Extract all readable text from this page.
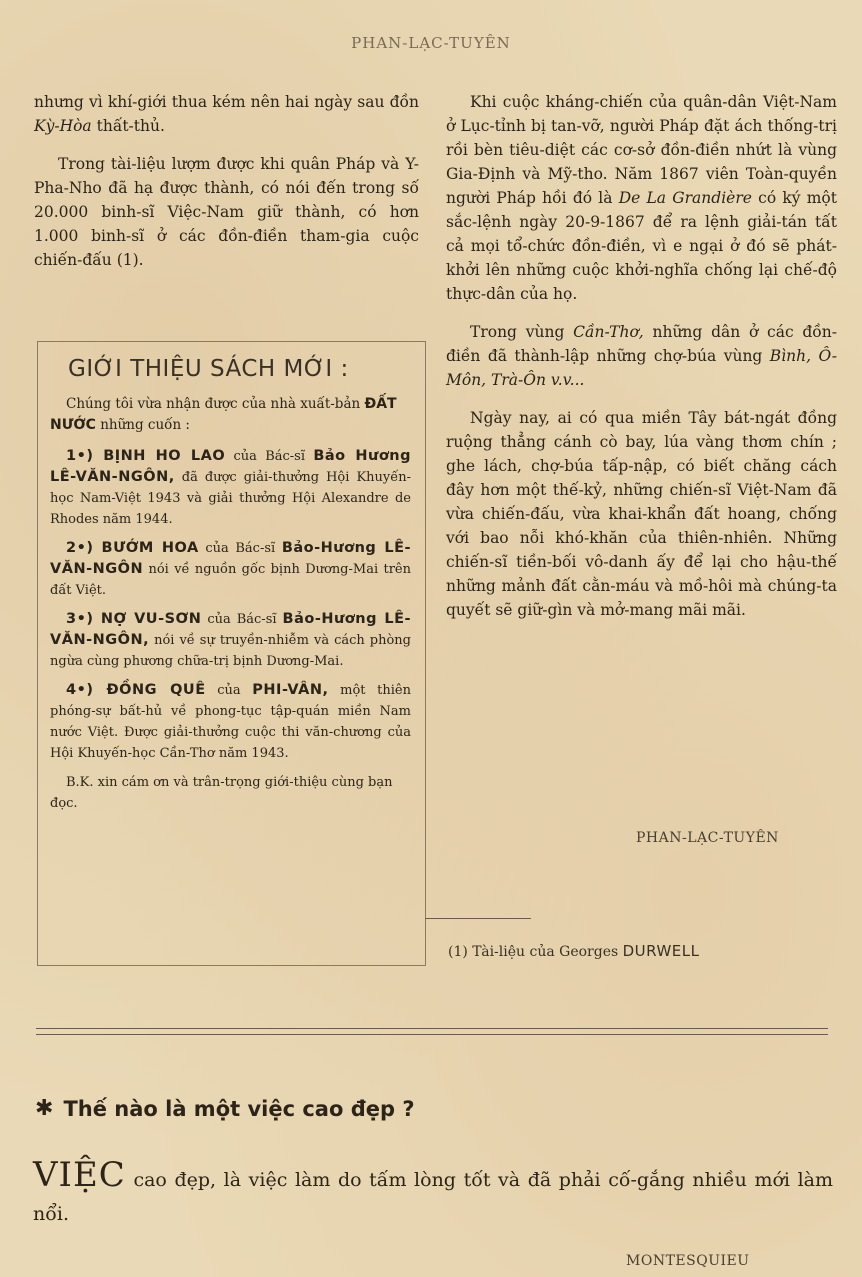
PHAN-LẠC-TUYÊN

nhưng vì khí-giới thua kém nên hai ngày sau đồn Kỳ-Hòa thất-thủ.

Trong tài-liệu lượm được khi quân Pháp và Y-Pha-Nho đã hạ được thành, có nói đến trong số 20.000 binh-sĩ Việc-Nam giữ thành, có hơn 1.000 binh-sĩ ở các đồn-điền tham-gia cuộc chiến-đấu (1).

GIỚI THIỆU SÁCH MỚI :

Chúng tôi vừa nhận được của nhà xuất-bản ĐẤT NƯỚC những cuốn :

1•) BỊNH HO LAO của Bác-sĩ Bảo Hương LÊ-VĂN-NGÔN, đã được giải-thưởng Hội Khuyến-học Nam-Việt 1943 và giải thưởng Hội Alexandre de Rhodes năm 1944.

2•) BƯỚM HOA của Bác-sĩ Bảo-Hương LÊ-VĂN-NGÔN nói về nguồn gốc bịnh Dương-Mai trên đất Việt.

3•) NỢ VU-SƠN của Bác-sĩ Bảo-Hương LÊ-VĂN-NGÔN, nói về sự truyền-nhiễm và cách phòng ngừa cùng phương chữa-trị bịnh Dương-Mai.

4•) ĐỒNG QUÊ của PHI-VÂN, một thiên phóng-sự bất-hủ về phong-tục tập-quán miền Nam nước Việt. Được giải-thưởng cuộc thi văn-chương của Hội Khuyến-học Cần-Thơ năm 1943.

B.K. xin cám ơn và trân-trọng giới-thiệu cùng bạn đọc.

Khi cuộc kháng-chiến của quân-dân Việt-Nam ở Lục-tỉnh bị tan-vỡ, người Pháp đặt ách thống-trị rồi bèn tiêu-diệt các cơ-sở đồn-điền nhứt là vùng Gia-Định và Mỹ-tho. Năm 1867 viên Toàn-quyền người Pháp hồi đó là De La Grandière có ký một sắc-lệnh ngày 20-9-1867 để ra lệnh giải-tán tất cả mọi tổ-chức đồn-điền, vì e ngại ở đó sẽ phát-khởi lên những cuộc khởi-nghĩa chống lại chế-độ thực-dân của họ.

Trong vùng Cần-Thơ, những dân ở các đồn-điền đã thành-lập những chợ-búa vùng Bình, Ô-Môn, Trà-Ôn v.v...

Ngày nay, ai có qua miền Tây bát-ngát đồng ruộng thẳng cánh cò bay, lúa vàng thơm chín ; ghe lách, chợ-búa tấp-nập, có biết chăng cách đây hơn một thế-kỷ, những chiến-sĩ Việt-Nam đã vừa chiến-đấu, vừa khai-khẩn đất hoang, chống với bao nỗi khó-khăn của thiên-nhiên. Những chiến-sĩ tiền-bối vô-danh ấy để lại cho hậu-thế những mảnh đất cằn-máu và mồ-hôi mà chúng-ta quyết sẽ giữ-gìn và mở-mang mãi mãi.

PHAN-LẠC-TUYÊN
(1) Tài-liệu của Georges DURWELL
✱ Thế nào là một việc cao đẹp ?
VIỆC cao đẹp, là việc làm do tấm lòng tốt và đã phải cố-gắng nhiều mới làm nổi.
MONTESQUIEU
